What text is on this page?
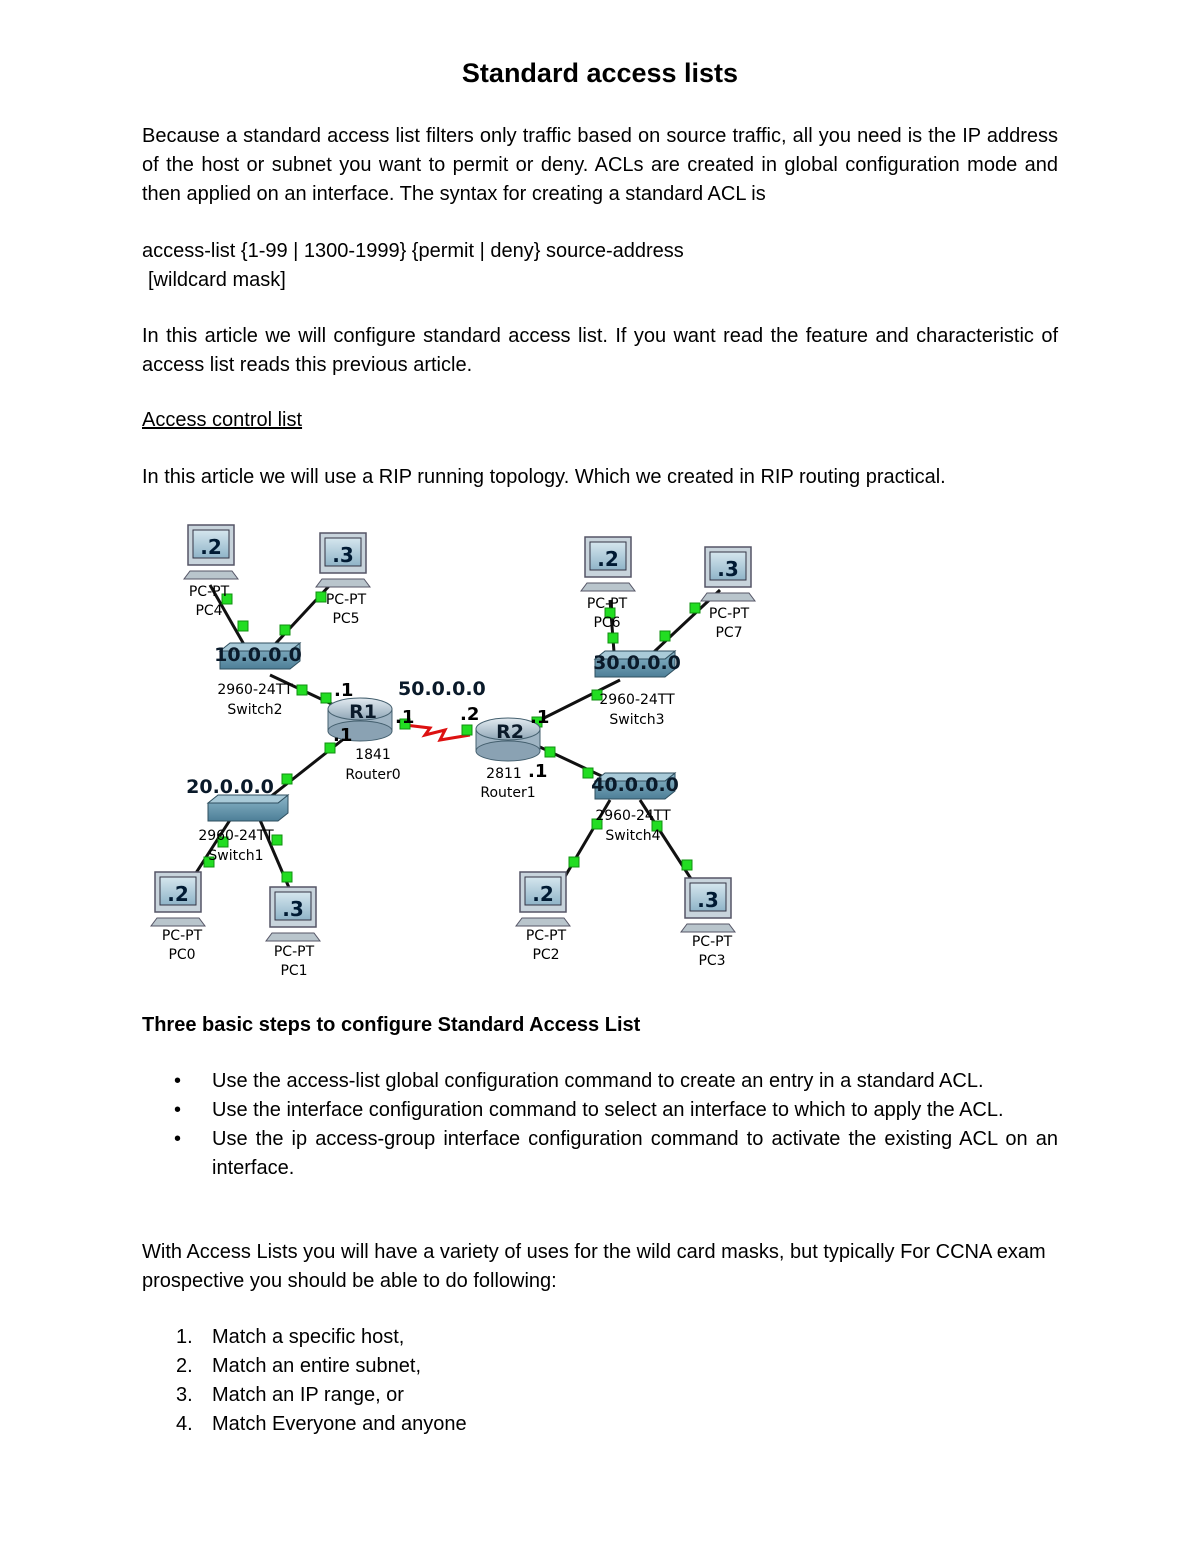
Standard access lists
Because a standard access list filters only traffic based on source traffic, all you need is the IP address of the host or subnet you want to permit or deny. ACLs are created in global configuration mode and then applied on an interface. The syntax for creating a standard ACL is
access-list {1-99 | 1300-1999} {permit | deny} source-address
[wildcard mask]
In this article we will configure standard access list. If you want read the feature and characteristic of access list reads this previous article.
Access control list
In this article we will use a RIP running topology. Which we created in RIP routing practical.
.2
PC-PT
PC4
.3
PC-PT
PC5
.2
PC-PT
PC6
.3
PC-PT
PC7
.2
PC-PT
PC0
.3
PC-PT
PC1
.2
PC-PT
PC2
.3
PC-PT
PC3
10.0.0.0
2960-24TT
Switch2
30.0.0.0
2960-24TT
Switch3
20.0.0.0
2960-24TT
Switch1
40.0.0.0
2960-24TT
Switch4
R1
1841
Router0
R2
2811
Router1
50.0.0.0
.1
.1
.1
.2	.1
.1
Three basic steps to configure Standard Access List
• Use the access-list global configuration command to create an entry in a standard ACL.
• Use the interface configuration command to select an interface to which to apply the ACL.
• Use the ip access-group interface configuration command to activate the existing ACL on an interface.
With Access Lists you will have a variety of uses for the wild card masks, but typically For CCNA exam prospective you should be able to do following:
1. Match a specific host,
2. Match an entire subnet,
3. Match an IP range, or
4. Match Everyone and anyone
